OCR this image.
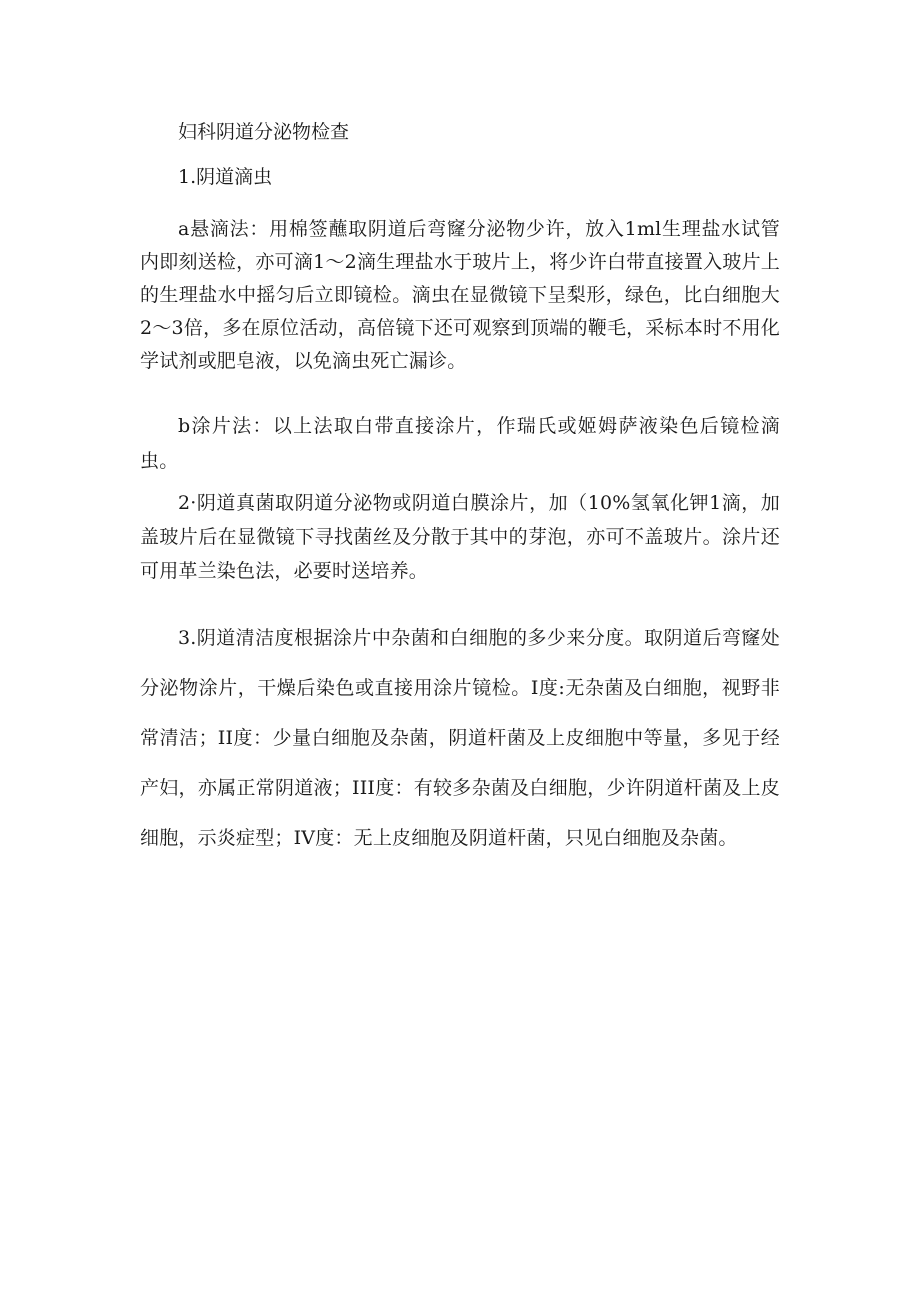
妇科阴道分泌物检查

1.阴道滴虫

a悬滴法：用棉签蘸取阴道后弯窿分泌物少许，放入1ml生理盐水试管内即刻送检，亦可滴1～2滴生理盐水于玻片上，将少许白带直接置入玻片上的生理盐水中摇匀后立即镜检。滴虫在显微镜下呈梨形，绿色，比白细胞大2～3倍，多在原位活动，高倍镜下还可观察到顶端的鞭毛，采标本时不用化学试剂或肥皂液，以免滴虫死亡漏诊。

b涂片法：以上法取白带直接涂片，作瑞氏或姬姆萨液染色后镜检滴虫。

2·阴道真菌取阴道分泌物或阴道白膜涂片，加（10%氢氧化钾1滴，加盖玻片后在显微镜下寻找菌丝及分散于其中的芽泡，亦可不盖玻片。涂片还可用革兰染色法，必要时送培养。

3.阴道清洁度根据涂片中杂菌和白细胞的多少来分度。取阴道后弯窿处分泌物涂片，干燥后染色或直接用涂片镜检。I度:无杂菌及白细胞，视野非常清洁；II度：少量白细胞及杂菌，阴道杆菌及上皮细胞中等量，多见于经产妇，亦属正常阴道液；III度：有较多杂菌及白细胞，少许阴道杆菌及上皮细胞，示炎症型；IV度：无上皮细胞及阴道杆菌，只见白细胞及杂菌。
